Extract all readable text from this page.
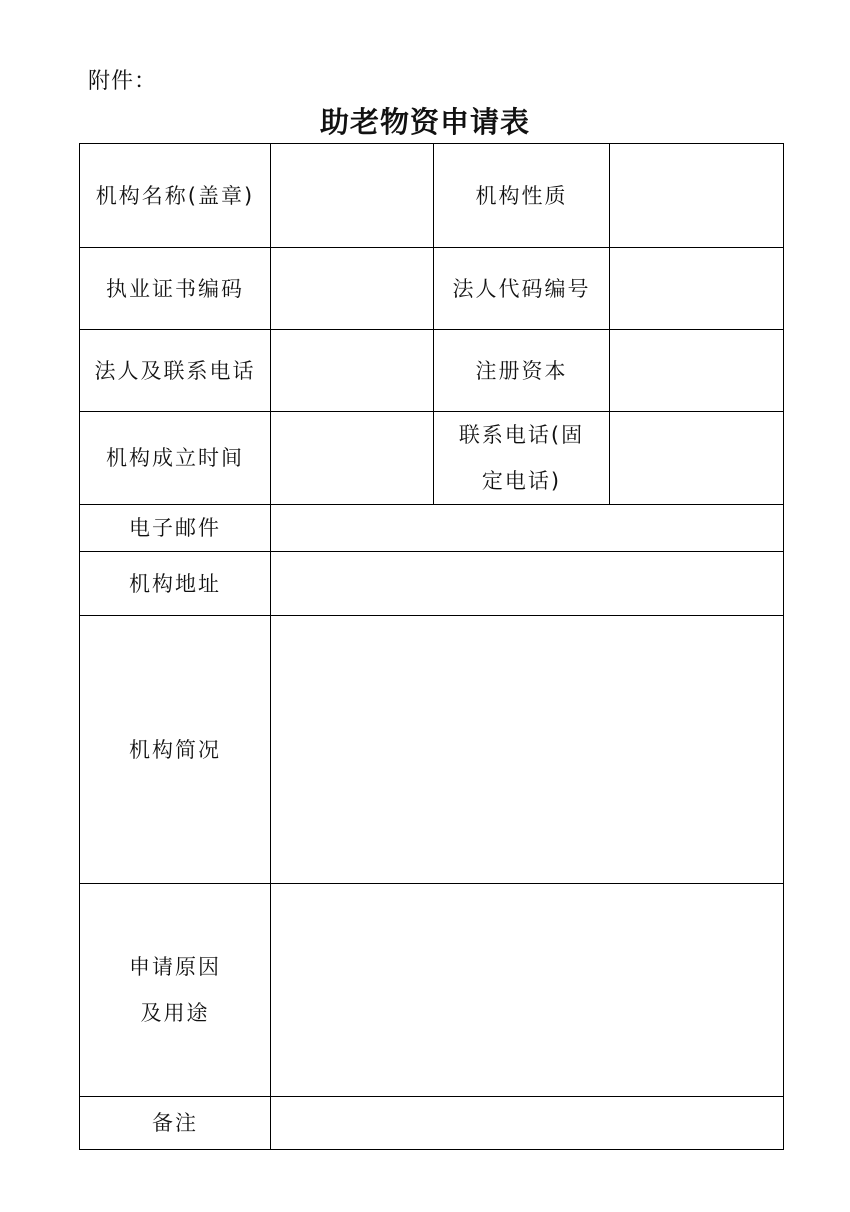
附件：
助老物资申请表
机构名称(盖章)		机构性质	
执业证书编码		法人代码编号	
法人及联系电话		注册资本	
机构成立时间		联系电话(固
定电话)	
电子邮件			
机构地址			
机构简况			
申请原因
及用途			
备注			
